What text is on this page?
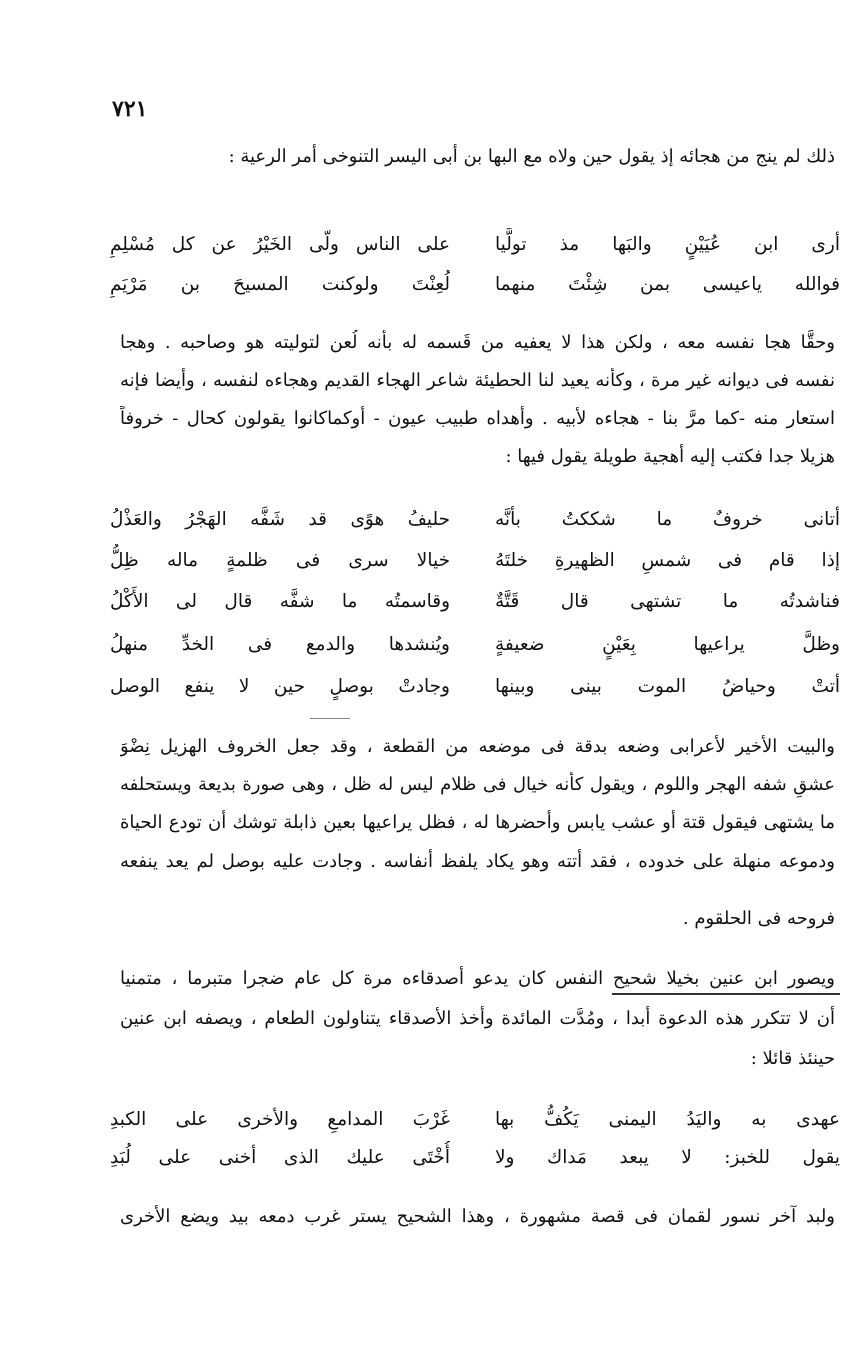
٧٢١
ذلك لم ينج من هجائه إذ يقول حين ولاه مع البها بن أبى اليسر التنوخى أمر الرعية :
أرى ابن عُيَيْنٍ والبَها مذ تولَّيا
على الناس ولّى الخَيْرُ عن كل مُسْلِمِ
فوالله ياعيسى بمن شِئْتَ منهما
لُعِنْتَ ولوكنت المسيحَ بن مَرْيَمِ
وحقًّا هجا نفسه معه ، ولكن هذا لا يعفيه من قَسمه له بأنه لُعن لتوليته هو وصاحبه . وهجا
نفسه فى ديوانه غير مرة ، وكأنه يعيد لنا الحطيئة شاعر الهجاء القديم وهجاءه لنفسه ، وأيضا فإنه
استعار منه -كما مرَّ بنا - هجاءه لأبيه . وأهداه طبيب عيون - أوكماكانوا يقولون كحال - خروفاً
هزيلا جدا فكتب إليه أهجية طويلة يقول فيها :
أتانى خروفٌ ما شككتُ بأنَّه
حليفُ هوًى قد شَفَّه الهَجْرُ والعَذْلُ
إذا قام فى شمسِ الظهيرةِ خلتَهُ
خيالا سرى فى ظلمةٍ ماله ظِلُّ
فناشدتُه ما تشتهى قال قَتَّةٌ
وقاسمتُه ما شفَّه قال لى الأَكْلُ
وظلَّ يراعيها بِعَيْنٍ ضعيفةٍ
ويُنشدها والدمع فى الخدِّ منهلُ
أتتْ وحياضُ الموت بينى وبينها
وجادتْ بوصلٍ حين لا ينفع الوصل
والبيت الأخير لأعرابى وضعه بدقة فى موضعه من القطعة ، وقد جعل الخروف الهزيل نِضْوَ
عشقٍ شفه الهجر واللوم ، ويقول كأنه خيال فى ظلام ليس له ظل ، وهى صورة بديعة ويستحلفه
ما يشتهى فيقول قتة أو عشب يابس وأحضرها له ، فظل يراعيها بعين ذابلة توشك أن تودع الحياة
ودموعه منهلة على خدوده ، فقد أتته وهو يكاد يلفظ أنفاسه . وجادت عليه بوصل لم يعد ينفعه
فروحه فى الحلقوم .
ويصور ابن عنين بخيلا شحيح النفس كان يدعو أصدقاءه مرة كل عام ضجرا متبرما ، متمنيا
أن لا تتكرر هذه الدعوة أبدا ، ومُدَّت المائدة وأخذ الأصدقاء يتناولون الطعام ، ويصفه ابن عنين
حينئذ قائلا :
عهدى به واليَدُ اليمنى يَكُفُّ بها
غَرْبَ المدامعِ والأخرى على الكبدِ
يقول للخبز: لا يبعد مَداك ولا
أُخْتَى عليك الذى أخنى على لُبَدِ
ولبد آخر نسور لقمان فى قصة مشهورة ، وهذا الشحيح يستر غرب دمعه بيد ويضع الأخرى
